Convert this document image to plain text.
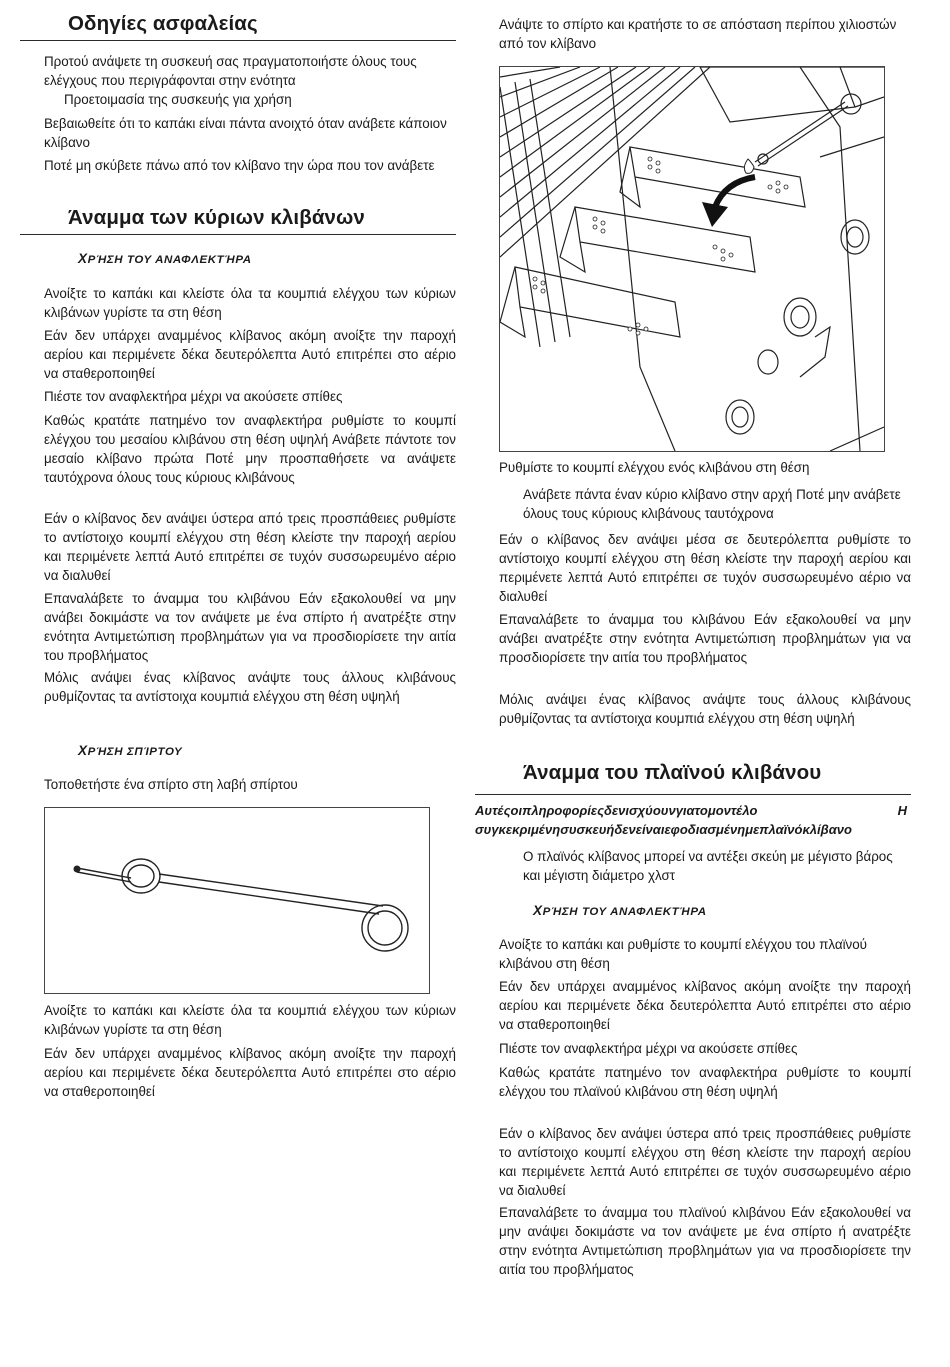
Οδηγίες ασφαλείας

Προτού ανάψετε τη συσκευή σας πραγματοποιήστε όλους τους ελέγχους που περιγράφονται στην ενότητα

Προετοιμασία της συσκευής για χρήση

Βεβαιωθείτε ότι το καπάκι είναι πάντα ανοιχτό όταν ανάβετε κάποιον κλίβανο

Ποτέ μη σκύβετε πάνω από τον κλίβανο την ώρα που τον ανάβετε

Άναμμα των κύριων κλιβάνων
ΧΡΉΣΗ ΤΟΥ ΑΝΑΦΛΕΚΤΉΡΑ

Ανοίξτε το καπάκι και κλείστε όλα τα κουμπιά ελέγχου των κύριων κλιβάνων γυρίστε τα στη θέση

Εάν δεν υπάρχει αναμμένος κλίβανος ακόμη ανοίξτε την παροχή αερίου και περιμένετε δέκα δευτερόλεπτα Αυτό επιτρέπει στο αέριο να σταθεροποιηθεί

Πιέστε τον αναφλεκτήρα μέχρι να ακούσετε σπίθες

Καθώς κρατάτε πατημένο τον αναφλεκτήρα ρυθμίστε το κουμπί ελέγχου του μεσαίου κλιβάνου στη θέση υψηλή Ανάβετε πάντοτε τον μεσαίο κλίβανο πρώτα Ποτέ μην προσπαθήσετε να ανάψετε ταυτόχρονα όλους τους κύριους κλιβάνους

Εάν ο κλίβανος δεν ανάψει ύστερα από τρεις προσπάθειες ρυθμίστε το αντίστοιχο κουμπί ελέγχου στη θέση κλείστε την παροχή αερίου και περιμένετε λεπτά Αυτό επιτρέπει σε τυχόν συσσωρευμένο αέριο να διαλυθεί

Επαναλάβετε το άναμμα του κλιβάνου Εάν εξακολουθεί να μην ανάβει δοκιμάστε να τον ανάψετε με ένα σπίρτο ή ανατρέξτε στην ενότητα Αντιμετώπιση προβλημάτων για να προσδιορίσετε την αιτία του προβλήματος

Μόλις ανάψει ένας κλίβανος ανάψτε τους άλλους κλιβάνους ρυθμίζοντας τα αντίστοιχα κουμπιά ελέγχου στη θέση υψηλή

ΧΡΉΣΗ ΣΠΊΡΤΟΥ

Τοποθετήστε ένα σπίρτο στη λαβή σπίρτου

Ανοίξτε το καπάκι και κλείστε όλα τα κουμπιά ελέγχου των κύριων κλιβάνων γυρίστε τα στη θέση

Εάν δεν υπάρχει αναμμένος κλίβανος ακόμη ανοίξτε την παροχή αερίου και περιμένετε δέκα δευτερόλεπτα Αυτό επιτρέπει στο αέριο να σταθεροποιηθεί

Ανάψτε το σπίρτο και κρατήστε το σε απόσταση περίπου χιλιοστών από τον κλίβανο

Ρυθμίστε το κουμπί ελέγχου ενός κλιβάνου στη θέση

Ανάβετε πάντα έναν κύριο κλίβανο στην αρχή Ποτέ μην ανάβετε όλους τους κύριους κλιβάνους ταυτόχρονα

Εάν ο κλίβανος δεν ανάψει μέσα σε δευτερόλεπτα ρυθμίστε το αντίστοιχο κουμπί ελέγχου στη θέση κλείστε την παροχή αερίου και περιμένετε λεπτά Αυτό επιτρέπει σε τυχόν συσσωρευμένο αέριο να διαλυθεί

Επαναλάβετε το άναμμα του κλιβάνου Εάν εξακολουθεί να μην ανάβει ανατρέξτε στην ενότητα Αντιμετώπιση προβλημάτων για να προσδιορίσετε την αιτία του προβλήματος

Μόλις ανάψει ένας κλίβανος ανάψτε τους άλλους κλιβάνους ρυθμίζοντας τα αντίστοιχα κουμπιά ελέγχου στη θέση υψηλή

Άναμμα του πλαϊνού κλιβάνου
Αυτέςοιπληροφορίεςδενισχύουνγιατομοντέλο	Η
συγκεκριμένησυσκευήδενείναιεφοδιασμένημεπλαϊνόκλίβανο

Ο πλαϊνός κλίβανος μπορεί να αντέξει σκεύη με μέγιστο βάρος και μέγιστη διάμετρο χλστ

ΧΡΉΣΗ ΤΟΥ ΑΝΑΦΛΕΚΤΉΡΑ

Ανοίξτε το καπάκι και ρυθμίστε το κουμπί ελέγχου του πλαϊνού κλιβάνου στη θέση

Εάν δεν υπάρχει αναμμένος κλίβανος ακόμη ανοίξτε την παροχή αερίου και περιμένετε δέκα δευτερόλεπτα Αυτό επιτρέπει στο αέριο να σταθεροποιηθεί

Πιέστε τον αναφλεκτήρα μέχρι να ακούσετε σπίθες

Καθώς κρατάτε πατημένο τον αναφλεκτήρα ρυθμίστε το κουμπί ελέγχου του πλαϊνού κλιβάνου στη θέση υψηλή

Εάν ο κλίβανος δεν ανάψει ύστερα από τρεις προσπάθειες ρυθμίστε το αντίστοιχο κουμπί ελέγχου στη θέση κλείστε την παροχή αερίου και περιμένετε λεπτά Αυτό επιτρέπει σε τυχόν συσσωρευμένο αέριο να διαλυθεί

Επαναλάβετε το άναμμα του πλαϊνού κλιβάνου Εάν εξακολουθεί να μην ανάψει δοκιμάστε να τον ανάψετε με ένα σπίρτο ή ανατρέξτε στην ενότητα Αντιμετώπιση προβλημάτων για να προσδιορίσετε την αιτία του προβλήματος
